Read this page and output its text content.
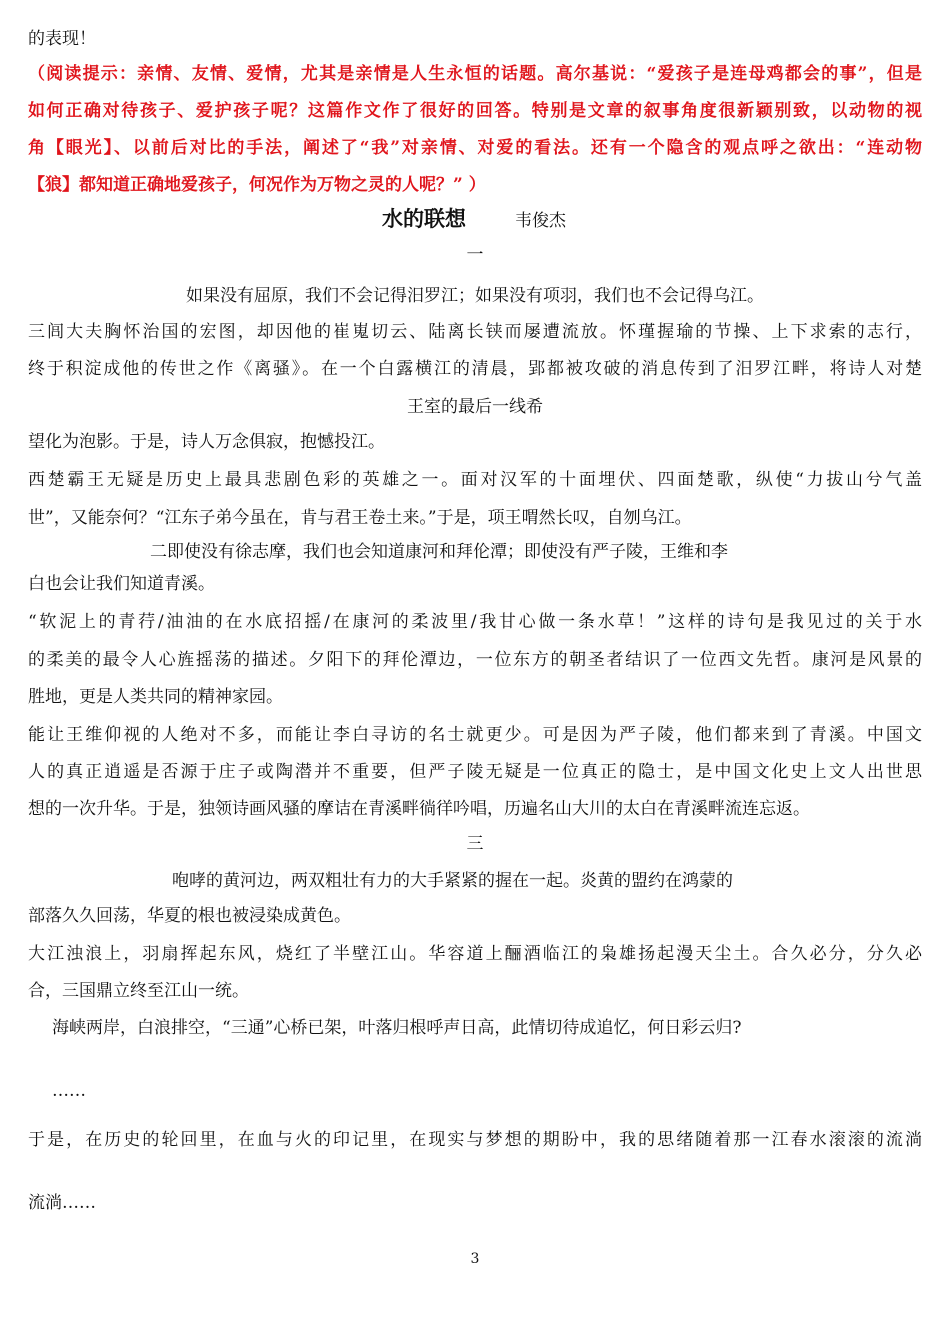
的表现！
（阅读提示：亲情、友情、爱情，尤其是亲情是人生永恒的话题。高尔基说：“爱孩子是连母鸡都会的事”，但是
如何正确对待孩子、爱护孩子呢？这篇作文作了很好的回答。特别是文章的叙事角度很新颖别致，以动物的视
角【眼光】、以前后对比的手法，阐述了“我”对亲情、对爱的看法。还有一个隐含的观点呼之欲出：“连动物
【狼】都知道正确地爱孩子，何况作为万物之灵的人呢？” ）
水的联想	韦俊杰
一
如果没有屈原，我们不会记得汨罗江；如果没有项羽，我们也不会记得乌江。
三闾大夫胸怀治国的宏图，却因他的崔嵬切云、陆离长铗而屡遭流放。怀瑾握瑜的节操、上下求索的志行，
终于积淀成他的传世之作《离骚》。在一个白露横江的清晨，郢都被攻破的消息传到了汨罗江畔，将诗人对楚
王室的最后一线希
望化为泡影。于是，诗人万念俱寂，抱憾投江。
西楚霸王无疑是历史上最具悲剧色彩的英雄之一。面对汉军的十面埋伏、四面楚歌，纵使“力拔山兮气盖
世”，又能奈何？“江东子弟今虽在，肯与君王卷土来。”于是，项王喟然长叹，自刎乌江。
二即使没有徐志摩，我们也会知道康河和拜伦潭；即使没有严子陵，王维和李
白也会让我们知道青溪。
“软泥上的青荇/油油的在水底招摇/在康河的柔波里/我甘心做一条水草！”这样的诗句是我见过的关于水
的柔美的最令人心旌摇荡的描述。夕阳下的拜伦潭边，一位东方的朝圣者结识了一位西文先哲。康河是风景的
胜地，更是人类共同的精神家园。
能让王维仰视的人绝对不多，而能让李白寻访的名士就更少。可是因为严子陵，他们都来到了青溪。中国文
人的真正逍遥是否源于庄子或陶潜并不重要，但严子陵无疑是一位真正的隐士，是中国文化史上文人出世思
想的一次升华。于是，独领诗画风骚的摩诘在青溪畔徜徉吟唱，历遍名山大川的太白在青溪畔流连忘返。
三
咆哮的黄河边，两双粗壮有力的大手紧紧的握在一起。炎黄的盟约在鸿蒙的
部落久久回荡，华夏的根也被浸染成黄色。
大江浊浪上，羽扇挥起东风，烧红了半壁江山。华容道上酾酒临江的枭雄扬起漫天尘土。合久必分，分久必
合，三国鼎立终至江山一统。
海峡两岸，白浪排空，“三通”心桥已架，叶落归根呼声日高，此情切待成追忆，何日彩云归?
……
于是，在历史的轮回里，在血与火的印记里，在现实与梦想的期盼中，我的思绪随着那一江春水滚滚的流淌
流淌……
3
